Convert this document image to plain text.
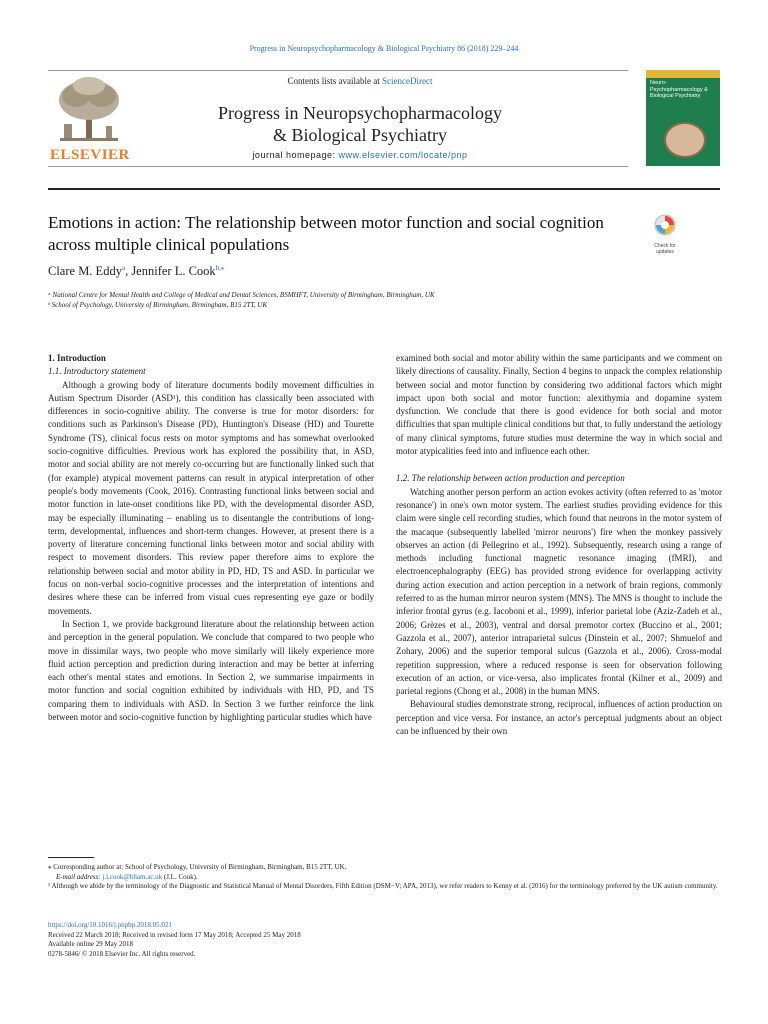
Progress in Neuropsychopharmacology & Biological Psychiatry 86 (2018) 229–244
ELSEVIER
Contents lists available at ScienceDirect
Progress in Neuropsychopharmacology
& Biological Psychiatry
journal homepage: www.elsevier.com/locate/pnp
Neuro-Psychopharmacology & Biological Psychiatry
Emotions in action: The relationship between motor function and social cognition across multiple clinical populations	Check for updates
Clare M. Eddy$^a$, Jennifer L. Cook$^{b,⁎}$
ᵃ National Centre for Mental Health and College of Medical and Dental Sciences, BSMHFT, University of Birmingham, Birmingham, UK
ᵇ School of Psychology, University of Birmingham, Birmingham, B15 2TT, UK

1. Introduction

1.1. Introductory statement

Although a growing body of literature documents bodily movement difficulties in Autism Spectrum Disorder (ASD¹), this condition has classically been associated with differences in socio-cognitive ability. The converse is true for motor disorders: for conditions such as Parkinson's Disease (PD), Huntington's Disease (HD) and Tourette Syndrome (TS), clinical focus rests on motor symptoms and has somewhat overlooked socio-cognitive difficulties. Previous work has explored the possibility that, in ASD, motor and social ability are not merely co-occurring but are functionally linked such that (for example) atypical movement patterns can result in atypical interpretation of other people's body movements (Cook, 2016). Contrasting functional links between social and motor function in late-onset conditions like PD, with the developmental disorder ASD, may be especially illuminating – enabling us to disentangle the contributions of long-term, developmental, influences and short-term changes. However, at present there is a poverty of literature concerning functional links between motor and social ability with respect to movement disorders. This review paper therefore aims to explore the relationship between social and motor ability in PD, HD, TS and ASD. In particular we focus on non-verbal socio-cognitive processes and the interpretation of intentions and desires where these can be inferred from visual cues representing eye gaze or bodily movements.

In Section 1, we provide background literature about the relationship between action and perception in the general population. We conclude that compared to two people who move in dissimilar ways, two people who move similarly will likely experience more fluid action perception and prediction during interaction and may be better at inferring each other's mental states and emotions. In Section 2, we summarise impairments in motor function and social cognition exhibited by individuals with HD, PD, and TS comparing them to individuals with ASD. In Section 3 we further reinforce the link between motor and socio-cognitive function by highlighting particular studies which have

examined both social and motor ability within the same participants and we comment on likely directions of causality. Finally, Section 4 begins to unpack the complex relationship between social and motor function by considering two additional factors which might impact upon both social and motor function: alexithymia and dopamine system dysfunction. We conclude that there is good evidence for both social and motor difficulties that span multiple clinical conditions but that, to fully understand the aetiology of many clinical symptoms, future studies must determine the way in which social and motor atypicalities feed into and influence each other.

1.2. The relationship between action production and perception

Watching another person perform an action evokes activity (often referred to as 'motor resonance') in one's own motor system. The earliest studies providing evidence for this claim were single cell recording studies, which found that neurons in the motor system of the macaque (subsequently labelled 'mirror neurons') fire when the monkey passively observes an action (di Pellegrino et al., 1992). Subsequently, research using a range of methods including functional magnetic resonance imaging (fMRI), and electroencephalography (EEG) has provided strong evidence for overlapping activity during action execution and action perception in a network of brain regions, commonly referred to as the human mirror neuron system (MNS). The MNS is thought to include the inferior frontal gyrus (e.g. Iacoboni et al., 1999), inferior parietal lobe (Aziz-Zadeh et al., 2006; Grèzes et al., 2003), ventral and dorsal premotor cortex (Buccino et al., 2001; Gazzola et al., 2007), anterior intraparietal sulcus (Dinstein et al., 2007; Shmuelof and Zohary, 2006) and the superior temporal sulcus (Gazzola et al., 2006). Cross-modal repetition suppression, where a reduced response is seen for observation following execution of an action, or vice-versa, also implicates frontal (Kilner et al., 2009) and parietal regions (Chong et al., 2008) in the human MNS.

Behavioural studies demonstrate strong, reciprocal, influences of action production on perception and vice versa. For instance, an actor's perceptual judgments about an object can be influenced by their own

⁎ Corresponding author at: School of Psychology, University of Birmingham, Birmingham, B15 2TT, UK.
E-mail address: j.l.cook@bham.ac.uk (J.L. Cook).
¹ Although we abide by the terminology of the Diagnostic and Statistical Manual of Mental Disorders, Fifth Edition (DSM−V; APA, 2013), we refer readers to Kenny et al. (2016) for the terminology preferred by the UK autism community.
https://doi.org/10.1016/j.pnpbp.2018.05.021
Received 22 March 2018; Received in revised form 17 May 2018; Accepted 25 May 2018
Available online 29 May 2018
0278-5846/ © 2018 Elsevier Inc. All rights reserved.
